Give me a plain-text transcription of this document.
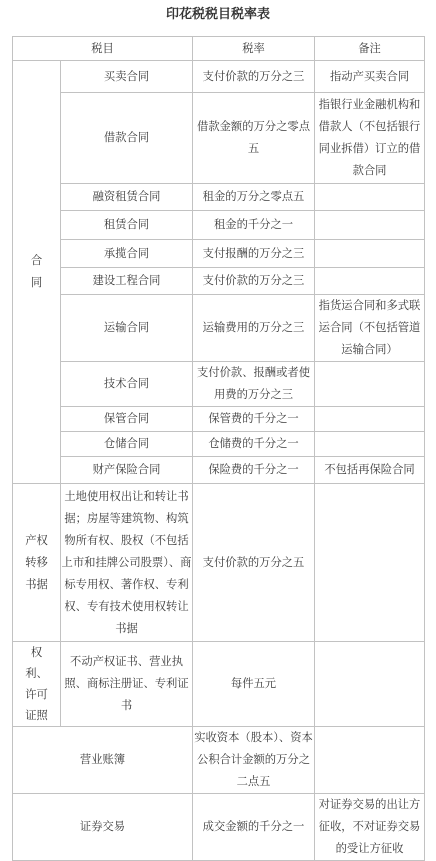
印花税税目税率表
税目		税率	备注
合同	买卖合同	支付价款的万分之三	指动产买卖合同
	借款合同	借款金额的万分之零点五	指银行业金融机构和借款人（不包括银行同业拆借）订立的借款合同
	融资租赁合同	租金的万分之零点五	
	租赁合同	租金的千分之一	
	承揽合同	支付报酬的万分之三	
	建设工程合同	支付价款的万分之三	
	运输合同	运输费用的万分之三	指货运合同和多式联运合同（不包括管道运输合同）
	技术合同	支付价款、报酬或者使用费的万分之三	
	保管合同	保管费的千分之一	
	仓储合同	仓储费的千分之一	
	财产保险合同	保险费的千分之一	不包括再保险合同
产权转移书据	土地使用权出让和转让书据；房屋等建筑物、构筑物所有权、股权（不包括上市和挂牌公司股票）、商标专用权、著作权、专利权、专有技术使用权转让书据	支付价款的万分之五	
权利、许可证照	不动产权证书、营业执照、商标注册证、专利证书	每件五元	
营业账簿		实收资本（股本）、资本公积合计金额的万分之二点五	
证券交易		成交金额的千分之一	对证券交易的出让方征收，不对证券交易的受让方征收
